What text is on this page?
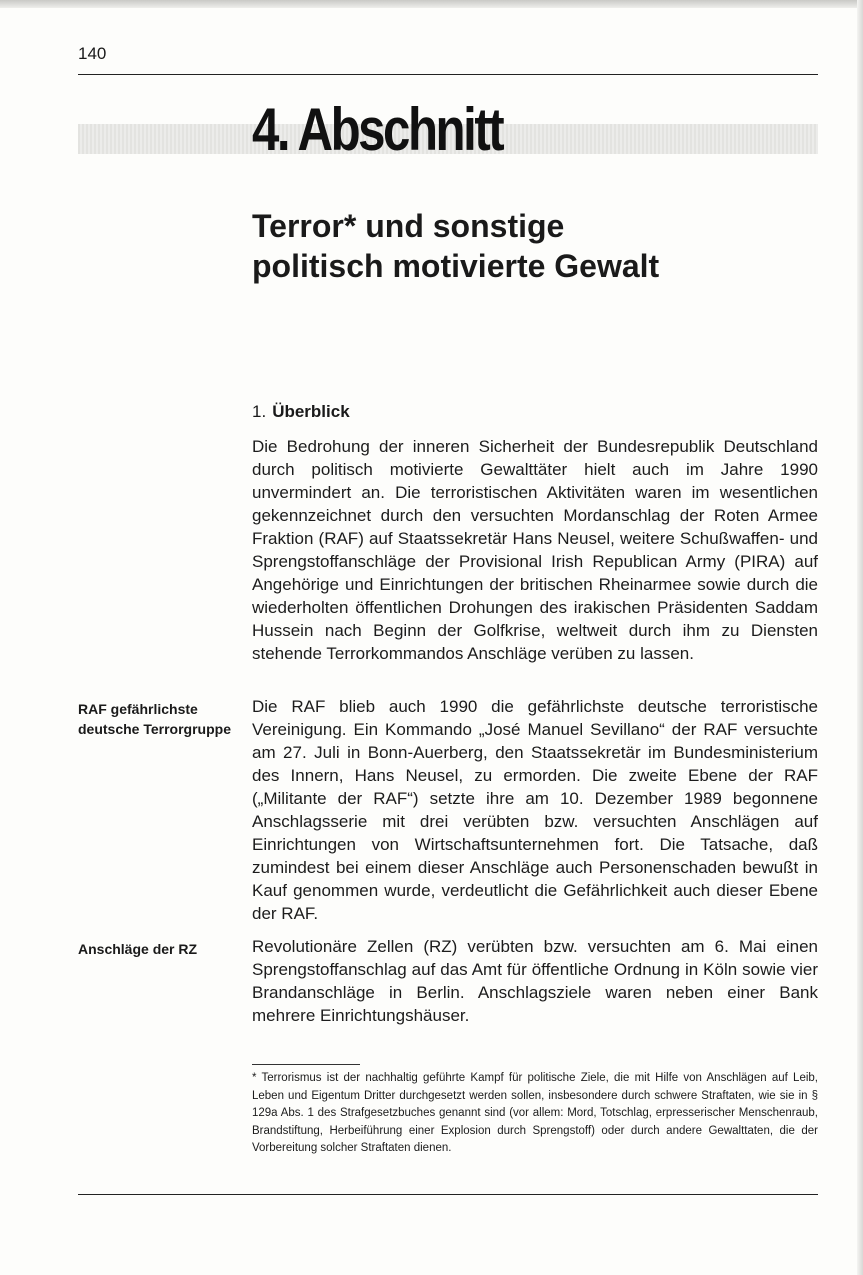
140
4. Abschnitt
Terror* und sonstige
politisch motivierte Gewalt
1. Überblick

Die Bedrohung der inneren Sicherheit der Bundesrepublik Deutschland durch politisch motivierte Gewalttäter hielt auch im Jahre 1990 unvermindert an. Die terroristischen Aktivitäten waren im wesentlichen gekennzeichnet durch den versuchten Mordanschlag der Roten Armee Fraktion (RAF) auf Staatssekretär Hans Neusel, weitere Schußwaffen- und Sprengstoffanschläge der Provisional Irish Republican Army (PIRA) auf Angehörige und Einrichtungen der britischen Rheinarmee sowie durch die wiederholten öffentlichen Drohungen des irakischen Präsidenten Saddam Hussein nach Beginn der Golfkrise, weltweit durch ihm zu Diensten stehende Terrorkommandos Anschläge verüben zu lassen.

RAF gefährlichste deutsche Terrorgruppe

Die RAF blieb auch 1990 die gefährlichste deutsche terroristische Vereinigung. Ein Kommando „José Manuel Sevillano“ der RAF versuchte am 27. Juli in Bonn-Auerberg, den Staatssekretär im Bundesministerium des Innern, Hans Neusel, zu ermorden. Die zweite Ebene der RAF („Militante der RAF“) setzte ihre am 10. Dezember 1989 begonnene Anschlagsserie mit drei verübten bzw. versuchten Anschlägen auf Einrichtungen von Wirtschaftsunternehmen fort. Die Tatsache, daß zumindest bei einem dieser Anschläge auch Personenschaden bewußt in Kauf genommen wurde, verdeutlicht die Gefährlichkeit auch dieser Ebene der RAF.

Anschläge der RZ	Revolutionäre Zellen (RZ) verübten bzw. versuchten am 6. Mai einen Sprengstoffanschlag auf das Amt für öffentliche Ordnung in Köln sowie vier Brandanschläge in Berlin. Anschlagsziele waren neben einer Bank mehrere Einrichtungshäuser.

* Terrorismus ist der nachhaltig geführte Kampf für politische Ziele, die mit Hilfe von Anschlägen auf Leib, Leben und Eigentum Dritter durchgesetzt werden sollen, insbesondere durch schwere Straftaten, wie sie in § 129a Abs. 1 des Strafgesetzbuches genannt sind (vor allem: Mord, Totschlag, erpresserischer Menschenraub, Brandstiftung, Herbeiführung einer Explosion durch Sprengstoff) oder durch andere Gewalttaten, die der Vorbereitung solcher Straftaten dienen.
